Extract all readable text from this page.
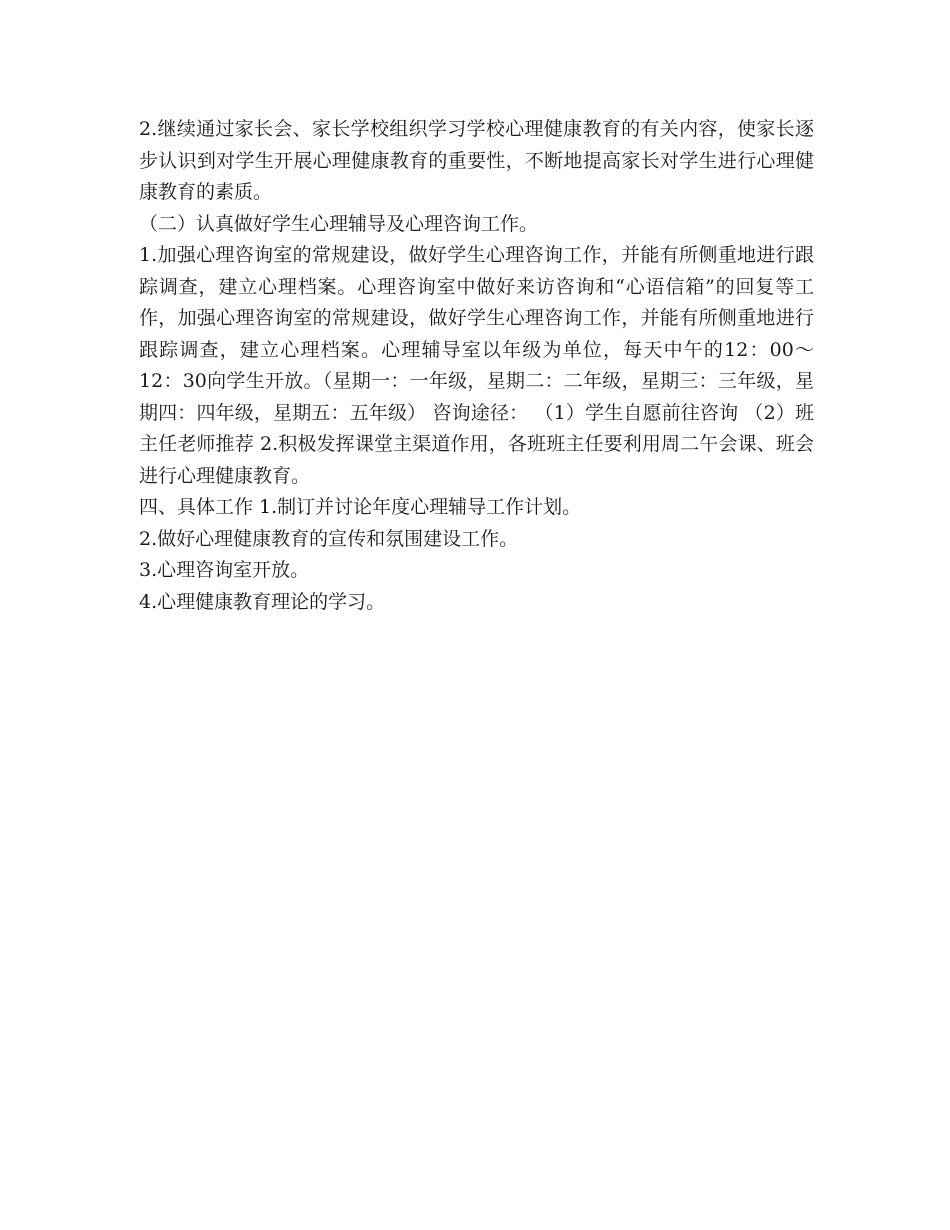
2.继续通过家长会、家长学校组织学习学校心理健康教育的有关内容，使家长逐步认识到对学生开展心理健康教育的重要性，不断地提高家长对学生进行心理健康教育的素质。

（二）认真做好学生心理辅导及心理咨询工作。

1.加强心理咨询室的常规建设，做好学生心理咨询工作，并能有所侧重地进行跟踪调查，建立心理档案。心理咨询室中做好来访咨询和“心语信箱”的回复等工作，加强心理咨询室的常规建设，做好学生心理咨询工作，并能有所侧重地进行跟踪调查，建立心理档案。心理辅导室以年级为单位，每天中午的12：00～12：30向学生开放。（星期一：一年级，星期二：二年级，星期三：三年级，星期四：四年级，星期五：五年级） 咨询途径： （1）学生自愿前往咨询 （2）班主任老师推荐 2.积极发挥课堂主渠道作用，各班班主任要利用周二午会课、班会进行心理健康教育。

四、具体工作 1.制订并讨论年度心理辅导工作计划。

2.做好心理健康教育的宣传和氛围建设工作。

3.心理咨询室开放。

4.心理健康教育理论的学习。
